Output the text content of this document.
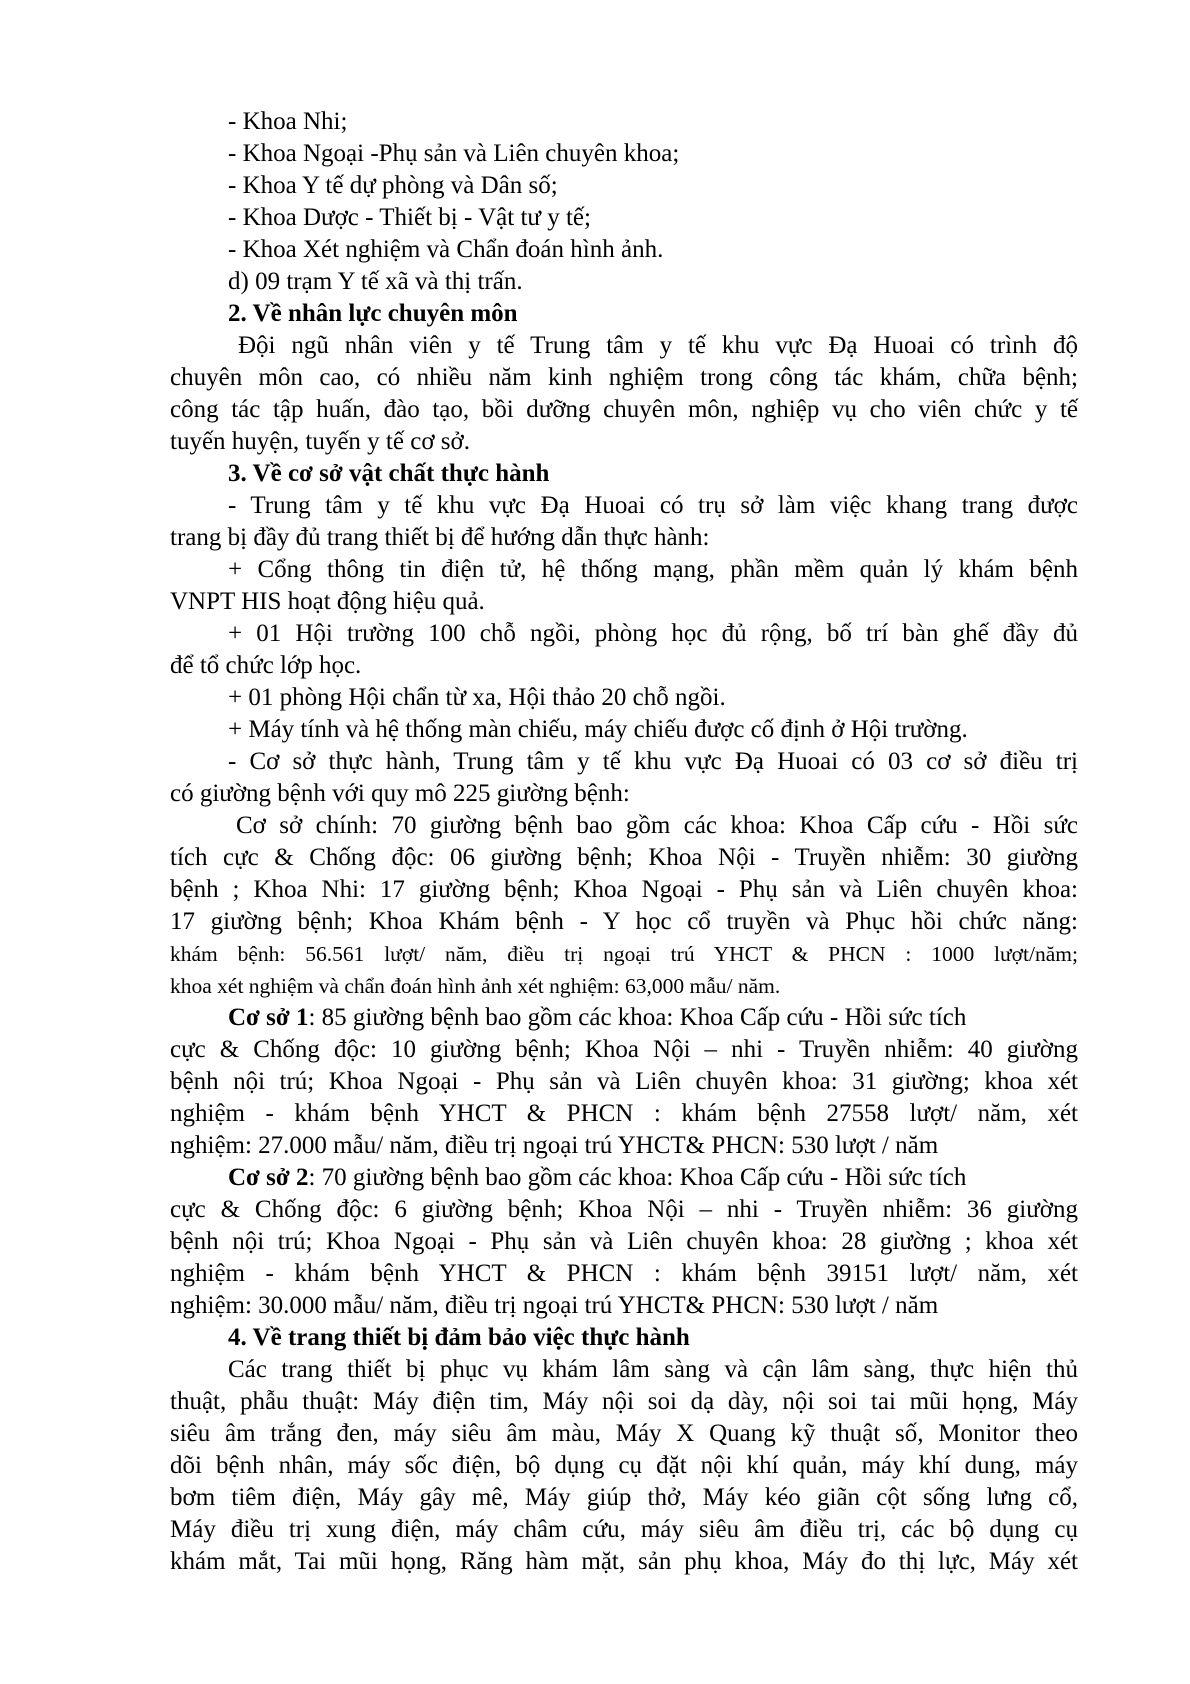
- Khoa Nhi;
- Khoa Ngoại -Phụ sản và Liên chuyên khoa;
- Khoa Y tế dự phòng và Dân số;
- Khoa Dược - Thiết bị - Vật tư y tế;
- Khoa Xét nghiệm và Chẩn đoán hình ảnh.
d) 09 trạm Y tế xã và thị trấn.
2. Về nhân lực chuyên môn
Đội ngũ nhân viên y tế Trung tâm y tế khu vực Đạ Huoai có trình độ
chuyên môn cao, có nhiều năm kinh nghiệm trong công tác khám, chữa bệnh;
công tác tập huấn, đào tạo, bồi dưỡng chuyên môn, nghiệp vụ cho viên chức y tế
tuyến huyện, tuyến y tế cơ sở.
3. Về cơ sở vật chất thực hành
- Trung tâm y tế khu vực Đạ Huoai có trụ sở làm việc khang trang được
trang bị đầy đủ trang thiết bị để hướng dẫn thực hành:
+ Cổng thông tin điện tử, hệ thống mạng, phần mềm quản lý khám bệnh
VNPT HIS hoạt động hiệu quả.
+ 01 Hội trường 100 chỗ ngồi, phòng học đủ rộng, bố trí bàn ghế đầy đủ
để tổ chức lớp học.
+ 01 phòng Hội chẩn từ xa, Hội thảo 20 chỗ ngồi.
+ Máy tính và hệ thống màn chiếu, máy chiếu được cố định ở Hội trường.
- Cơ sở thực hành, Trung tâm y tế khu vực Đạ Huoai có 03 cơ sở điều trị
có giường bệnh với quy mô 225 giường bệnh:
Cơ sở chính: 70 giường bệnh bao gồm các khoa: Khoa Cấp cứu - Hồi sức
tích cực & Chống độc: 06 giường bệnh; Khoa Nội - Truyền nhiễm: 30 giường
bệnh ; Khoa Nhi: 17 giường bệnh; Khoa Ngoại - Phụ sản và Liên chuyên khoa:
17 giường bệnh; Khoa Khám bệnh - Y học cổ truyền và Phục hồi chức năng:
khám bệnh: 56.561 lượt/ năm, điều trị ngoại trú YHCT & PHCN : 1000 lượt/năm;
khoa xét nghiệm và chẩn đoán hình ảnh xét nghiệm: 63,000 mẫu/ năm.
Cơ sở 1: 85 giường bệnh bao gồm các khoa: Khoa Cấp cứu - Hồi sức tích
cực & Chống độc: 10 giường bệnh; Khoa Nội – nhi - Truyền nhiễm: 40 giường
bệnh nội trú; Khoa Ngoại - Phụ sản và Liên chuyên khoa: 31 giường; khoa xét
nghiệm - khám bệnh YHCT & PHCN : khám bệnh 27558 lượt/ năm, xét
nghiệm: 27.000 mẫu/ năm, điều trị ngoại trú YHCT& PHCN: 530 lượt / năm
Cơ sở 2: 70 giường bệnh bao gồm các khoa: Khoa Cấp cứu - Hồi sức tích
cực & Chống độc: 6 giường bệnh; Khoa Nội – nhi - Truyền nhiễm: 36 giường
bệnh nội trú; Khoa Ngoại - Phụ sản và Liên chuyên khoa: 28 giường ; khoa xét
nghiệm - khám bệnh YHCT & PHCN : khám bệnh 39151 lượt/ năm, xét
nghiệm: 30.000 mẫu/ năm, điều trị ngoại trú YHCT& PHCN: 530 lượt / năm
4. Về trang thiết bị đảm bảo việc thực hành
Các trang thiết bị phục vụ khám lâm sàng và cận lâm sàng, thực hiện thủ
thuật, phẫu thuật: Máy điện tim, Máy nội soi dạ dày, nội soi tai mũi họng, Máy
siêu âm trắng đen, máy siêu âm màu, Máy X Quang kỹ thuật số, Monitor theo
dõi bệnh nhân, máy sốc điện, bộ dụng cụ đặt nội khí quản, máy khí dung, máy
bơm tiêm điện, Máy gây mê, Máy giúp thở, Máy kéo giãn cột sống lưng cổ,
Máy điều trị xung điện, máy châm cứu, máy siêu âm điều trị, các bộ dụng cụ
khám mắt, Tai mũi họng, Răng hàm mặt, sản phụ khoa, Máy đo thị lực, Máy xét
